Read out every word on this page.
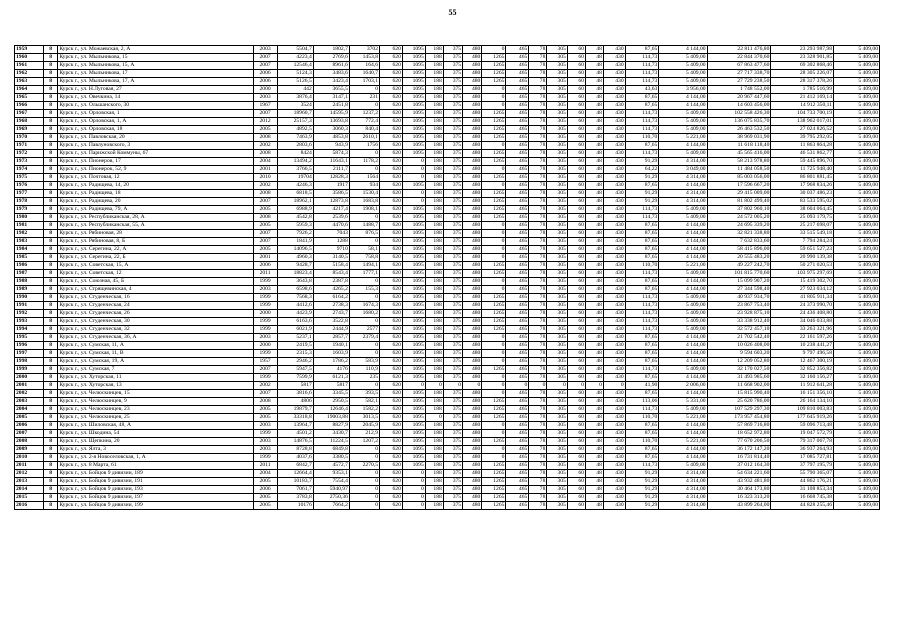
55
1959	8	Курск г., ул. Можаевская, 2, А	2003	5504,7	1802,7	3702	620	1095	188	375	480	0	465	78	305	60	48	430	87,65	4 144,00	22 811 476,80	23 293 987,98	5 409,00
1960	8	Курск г., ул. Мыльникова, 15	2007	4223,4	2769,6	1453,8	620	1095	188	375	480	1265	465	78	305	60	48	430	114,73	5 409,00	22 844 370,60	23 328 901,85	5 409,00
1961	8	Курск г., ул. Мыльникова, 15, А	2007	12546,4	8961,6	164,6	620	1095	188	375	480	1265	465	78	305	60	48	430	114,73	5 409,00	67 863 477,60	69 302 868,46	5 409,00
1962	8	Курск г., ул. Мыльникова, 17	2006	5124,3	3483,6	1640,7	620	1095	188	375	480	1265	465	78	305	60	48	430	114,73	5 409,00	27 717 338,70	28 305 226,07	5 409,00
1963	8	Курск г., ул. Мыльникова, 17, А	2006	5126,5	3423,4	1703,1	620	1095	188	375	480	1265	465	78	305	60	48	430	114,73	5 409,00	27 729 238,50	28 317 378,26	5 409,00
1964	8	Курск г., ул. Н.Луговая, 27	2000	442	3655,5	0	620	1095	188	375	480	0	465	78	305	60	48	430	43,63	3 956,00	1 748 552,00	1 785 516,99	5 409,00
1965	8	Курск г., ул. Овечкина, 14	2003	3876,4	3147,1	231	620	1095	188	375	480	0	465	78	305	60	48	430	87,65	4 144,00	20 967 447,60	21 412 169,14	5 409,00
1966	8	Курск г., ул. Ольшанского, 30	1967	3524	2451,8	0	620	1095	188	375	480	0	465	78	305	60	48	430	87,65	4 144,00	14 603 456,00	14 912 350,11	5 409,00
1967	8	Курск г., ул. Орловская, 1	2007	18960,7	14595,9	1237,2	620	1095	188	375	480	1265	465	78	305	60	48	430	114,73	5 409,00	102 558 426,30	104 733 700,19	5 409,00
1968	8	Курск г., ул. Орловская, 1, А	2012	25157,3	13693,8	772,4	620	1095	188	375	480	1265	465	78	305	60	48	430	114,73	5 409,00	136 075 835,70	138 962 017,01	5 409,00
1969	8	Курск г., ул. Орловская, 18	2005	4892,5	3060,3	840,4	620	1095	188	375	480	1265	465	78	305	60	48	430	114,73	5 409,00	26 463 532,50	27 024 826,52	5 409,00
1970	8	Курск г., ул. Павловская, 20	2008	7463,9	4853,8	2610,1	620	1095	188	375	480	1265	465	78	305	60	48	430	110,70	5 221,00	38 969 031,90	39 795 292,05	5 409,00
1971	8	Курск г., ул. Павлуновского, 3	2002	2803,6	943,9	1756	620	1095	188	375	480	0	465	78	305	60	48	430	87,65	4 144,00	11 618 118,40	11 863 864,28	5 409,00
1972	8	Курск г., ул. Парижской Коммуны, 67	2008	8424	5874,3	0	620	1095	188	375	480	1265	465	78	305	60	48	430	114,73	5 409,00	45 565 416,00	46 531 862,77	5 409,00
1973	8	Курск г., ул. Пионеров, 17	2004	13494,2	11643,1	1178,2	620	0	188	375	480	1265	465	78	305	60	48	430	91,29	4 314,00	58 213 978,80	59 445 896,70	5 409,00
1974	8	Курск г., ул. Пионерок, 52, 9	2001	3766,5	2111,7	0	620	0	188	375	480	0	465	78	305	60	48	430	64,22	3 049,00	11 484 058,50	11 725 948,40	5 409,00
1975	8	Курск г., ул. Почтовая, 12	2010	19704	12828,3	1564	620	0	188	375	480	1265	465	78	305	60	48	430	91,29	4 314,00	85 003 056,00	86 801 881,45	5 409,00
1976	8	Курск г., ул. Радищева, 14, 20	2002	4246,3	1917	934	620	1095	188	375	480	0	465	78	305	60	48	430	87,65	4 144,00	17 596 667,20	17 968 834,26	5 409,00
1977	8	Курск г., ул. Радищева, 18	2008	6818,5	3586,5	1530,4	620	0	188	375	480	1265	465	78	305	60	48	430	91,29	4 314,00	29 415 009,00	30 037 486,23	5 409,00
1978	8	Курск г., ул. Радищева, 20	2007	18962,1	12873,8	1683,8	620	0	188	375	480	1265	465	78	305	60	48	430	91,29	4 314,00	81 802 499,40	83 533 595,02	5 409,00
1979	8	Курск г., ул. Радищева, 79, А	2005	6988,9	4217,4	1908,1	620	1095	188	375	480	1265	465	78	305	60	48	430	114,73	5 409,00	37 802 960,10	38 604 064,45	5 409,00
1980	8	Курск г., ул. Республиканская, 28, А	2008	4542,8	2539,6	0	620	1095	188	375	480	1265	465	78	305	60	48	430	114,73	5 409,00	24 572 005,20	25 093 179,75	5 409,00
1981	8	Курск г., ул. Республиканская, 55, А	2005	5959,3	4470,6	1488,7	620	1095	188	375	480	0	465	78	305	60	48	430	87,65	4 144,00	24 695 339,20	25 217 698,07	5 409,00
1982	8	Курск г., ул. Рябиновая, 28	2007	7926,2	7043	876,5	620	1095	188	375	480	0	465	78	305	60	48	430	87,65	4 144,00	32 821 338,80	33 515 549,18	5 409,00
1983	8	Курск г., ул. Рябиновая, 8, Б	2007	1841,9	1288	0	620	1095	188	375	480	0	465	78	305	60	48	430	87,65	4 144,00	7 632 833,60	7 794 284,24	5 409,00
1984	8	Курск г., ул. Серегина, 22, А	2005	14096,5	9710	58,1	620	1095	188	375	480	0	465	78	305	60	48	430	87,65	4 144,00	58 415 896,00	59 651 527,23	5 409,00
1985	8	Курск г., ул. Серегина, 22, Б	2001	4960,3	3140,5	758,8	620	1095	188	375	480	0	465	78	305	60	48	430	87,65	4 144,00	20 555 483,20	20 990 139,38	5 409,00
1986	8	Курск г., ул. Советская, 15, А	2006	9428,7	5158,4	1494,1	620	1095	188	375	480	1265	465	78	305	60	48	430	110,70	5 221,00	49 227 242,70	50 271 020,53	5 409,00
1987	8	Курск г., ул. Советская, 12	2011	18823,4	8543,4	1777,1	620	1095	188	375	480	1265	465	78	305	60	48	430	114,73	5 409,00	101 815 770,60	103 975 297,69	5 409,00
1988	8	Курск г., ул. Союзная, 45, Б	1999	3643,8	2387,8	0	620	1095	188	375	480	0	465	78	305	60	48	430	87,65	4 144,00	15 099 907,20	15 419 302,70	5 409,00
1989	8	Курск г., ул. Стрящевинская, 4	2003	6598,6	4265,2	155,3	620	1095	188	375	480	0	465	78	305	60	48	430	87,65	4 144,00	27 344 598,40	27 923 034,12	5 409,00
1990	8	Курск г., ул. Студенческая, 16	1999	7568,3	6164,2	0	620	1095	188	375	480	1265	465	78	305	60	48	430	114,73	5 409,00	40 937 934,70	41 805 911,34	5 409,00
1991	8	Курск г., ул. Студенческая, 24	1999	4412,6	2738,3	1674,3	620	1095	188	375	480	1265	465	78	305	60	48	430	114,73	5 409,00	23 867 753,40	24 373 990,70	5 409,00
1992	8	Курск г., ул. Студенческая, 26	2000	4423,9	2743,7	1680,2	620	1095	188	375	480	1265	465	78	305	60	48	430	114,73	5 409,00	23 928 875,10	24 436 408,80	5 409,00
1993	8	Курск г., ул. Студенческая, 30	1999	6163,6	3522,8	0	620	1095	188	375	480	1265	465	78	305	60	48	430	114,73	5 409,00	33 338 912,40	34 046 033,88	5 409,00
1994	8	Курск г., ул. Студенческая, 32	1999	6021,9	2444,9	2577	620	1095	188	375	480	1265	465	78	305	60	48	430	114,73	5 409,00	32 572 457,10	33 263 321,96	5 409,00
1995	8	Курск г., ул. Студенческая, 36, А	2003	5237,1	2857,7	2379,4	620	1095	188	375	480	0	465	78	305	60	48	430	87,65	4 144,00	21 702 542,40	22 161 597,26	5 409,00
1996	8	Курск г., ул. Сумская, 11, А	2000	2419,5	1940,1	0	620	1095	188	375	480	0	465	78	305	60	48	430	87,65	4 144,00	10 026 408,00	10 238 441,27	5 409,00
1997	8	Курск г., ул. Сумская, 11, В	1999	2315,3	1603,9	0	620	1095	188	375	480	0	465	78	305	60	48	430	87,65	4 144,00	9 594 603,20	9 797 496,58	5 409,00
1998	8	Курск г., ул. Сумская, 19, А	1957	2946,2	1786,2	583,9	620	1095	188	375	480	0	465	78	305	60	48	430	87,65	4 144,00	12 209 052,80	12 467 300,19	5 409,00
1999	8	Курск г., ул. Сумская, 7	2007	5947,5	4176	110,9	620	1095	188	375	480	1265	465	78	305	60	48	430	114,73	5 409,00	32 170 027,50	32 852 356,82	5 409,00
2000	8	Курск г., ул. Хуторская, 11	1999	7599,9	6121,3	235	620	1095	188	375	480	0	465	78	305	60	48	430	87,65	4 144,00	31 493 985,60	32 160 156,27	5 409,00
2001	8	Курск г., ул. Хуторская, 13	2002	5817	5817	0	620	0	0	0	0	0	0	0	0	0	0	0	41,90	2 006,00	11 668 902,00	11 912 641,28	5 409,00
2002	8	Курск г., ул. Челюскинцев, 15	2007	3816,6	3345,5	393,5	620	1095	188	375	480	0	465	78	305	60	48	430	87,65	4 144,00	15 815 990,40	16 151 356,10	5 409,00
2003	8	Курск г., ул. Челюскинцев, 9	2008	4806	2950,5	582,1	620	1095	188	375	480	1265	465	78	305	60	48	430	113,06	5 331,00	25 620 786,00	26 164 134,10	5 409,00
2004	8	Курск г., ул. Челюскинцев, 23	2005	19879,7	12646,4	1582,2	620	1095	188	375	480	1265	465	78	305	60	48	430	114,73	5 409,00	107 529 297,30	109 810 003,83	5 409,00
2005	8	Курск г., ул. Челюскинцев, 25	2005	33318,8	19003,88	3013,5	620	1095	0	375	480	1265	465	78	305	60	48	430	110,70	5 221,00	173 957 454,80	177 645 919,26	5 409,00
2006	8	Курск г., ул. Шиловская, 48, А	2003	13964,7	8827,9	2045,9	620	1095	188	375	480	0	465	78	305	60	48	430	87,65	4 144,00	57 869 716,80	59 096 713,48	5 409,00
2007	8	Курск г., ул. Шкодина, 54	1999	4501,2	3430,7	212,9	620	1095	188	375	480	0	465	78	305	60	48	430	87,65	4 144,00	18 652 972,80	19 047 572,79	5 409,00
2008	8	Курск г., ул. Щепкина, 20	2003	14876,5	11224,5	1207,2	620	1095	188	375	480	1265	465	78	305	60	48	430	110,70	5 221,00	77 670 206,50	79 317 067,78	5 409,00
2009	8	Курск г., ул. Ялта, 3	2003	8728,8	6849,8	0	620	1095	188	375	480	0	465	78	305	60	48	430	87,65	4 144,00	36 172 147,20	36 937 264,93	5 409,00
2010	8	Курск г., ул. 2-я Новоселовская, 1, А	1999	4037,6	3380,5	0	620	1095	188	375	480	0	465	78	305	60	48	430	87,65	4 144,00	16 731 814,40	17 085 727,81	5 409,00
2011	8	Курск г., ул. 8 Марта, 61	2011	6842,7	4572,7	2270,5	620	1095	188	375	480	1265	465	78	305	60	48	430	114,73	5 409,00	37 012 164,30	37 797 195,79	5 409,00
2012	8	Курск г., ул. Бойцов 9 дивизии, 189	2004	12664,4	9353,1	0	620	0	188	375	480	1265	465	78	305	60	48	430	91,29	4 314,00	54 634 221,60	55 790 365,07	5 409,00
2013	8	Курск г., ул. Бойцов 9 дивизии, 191	2005	10183,7	7554,4	0	620	0	188	375	480	1265	465	78	305	60	48	430	91,29	4 314,00	43 932 481,80	44 862 176,21	5 409,00
2014	8	Курск г., ул. Бойцов 9 дивизии, 193	2006	7061,7	5940,97	0	620	0	188	375	480	1265	465	78	305	60	48	430	91,29	4 314,00	30 464 173,80	31 108 853,34	5 409,00
2015	8	Курск г., ул. Бойцов 9 дивизии, 197	2005	3783,8	2750,36	0	620	0	188	375	480	1265	465	78	305	60	48	430	91,29	4 314,00	16 323 313,20	16 668 745,38	5 409,00
2016	8	Курск г., ул. Бойцов 9 дивизии, 199	2005	10176	7664,2	0	620	0	188	375	480	1265	465	78	305	60	48	430	91,29	4 314,00	43 899 264,00	44 828 255,46	5 409,00
